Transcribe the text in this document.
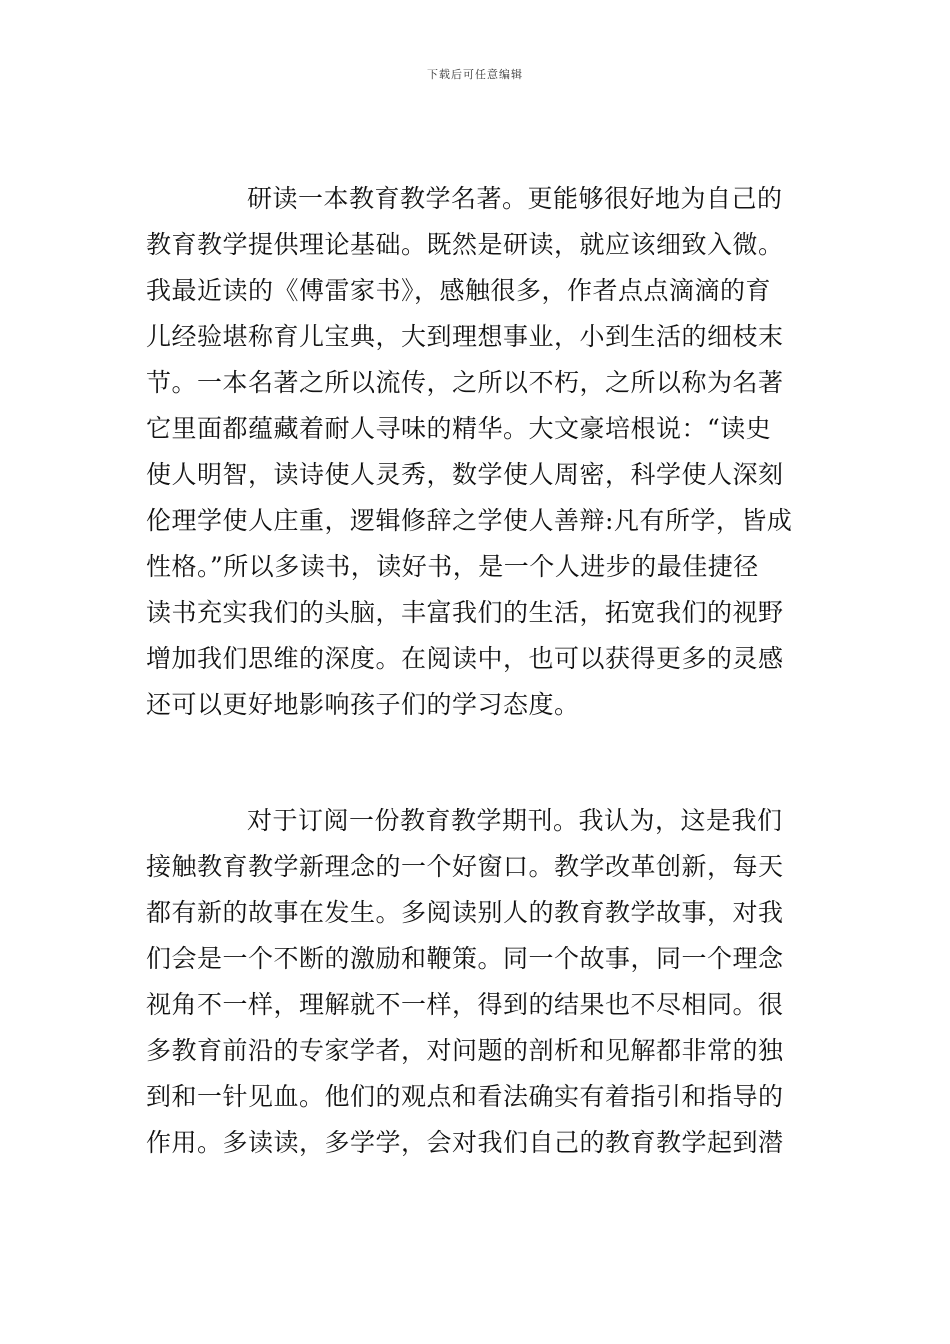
下载后可任意编辑
研读一本教育教学名著。更能够很好地为自己的
教育教学提供理论基础。既然是研读，就应该细致入微。
我最近读的《傅雷家书》，感触很多，作者点点滴滴的育
儿经验堪称育儿宝典，大到理想事业，小到生活的细枝末
节。一本名著之所以流传，之所以不朽，之所以称为名著
它里面都蕴藏着耐人寻味的精华。大文豪培根说：“读史
使人明智，读诗使人灵秀，数学使人周密，科学使人深刻
伦理学使人庄重，逻辑修辞之学使人善辩:凡有所学，皆成
性格。”所以多读书，读好书，是一个人进步的最佳捷径
读书充实我们的头脑，丰富我们的生活，拓宽我们的视野
增加我们思维的深度。在阅读中，也可以获得更多的灵感
还可以更好地影响孩子们的学习态度。
对于订阅一份教育教学期刊。我认为，这是我们
接触教育教学新理念的一个好窗口。教学改革创新，每天
都有新的故事在发生。多阅读别人的教育教学故事，对我
们会是一个不断的激励和鞭策。同一个故事，同一个理念
视角不一样，理解就不一样，得到的结果也不尽相同。很
多教育前沿的专家学者，对问题的剖析和见解都非常的独
到和一针见血。他们的观点和看法确实有着指引和指导的
作用。多读读，多学学，会对我们自己的教育教学起到潜
